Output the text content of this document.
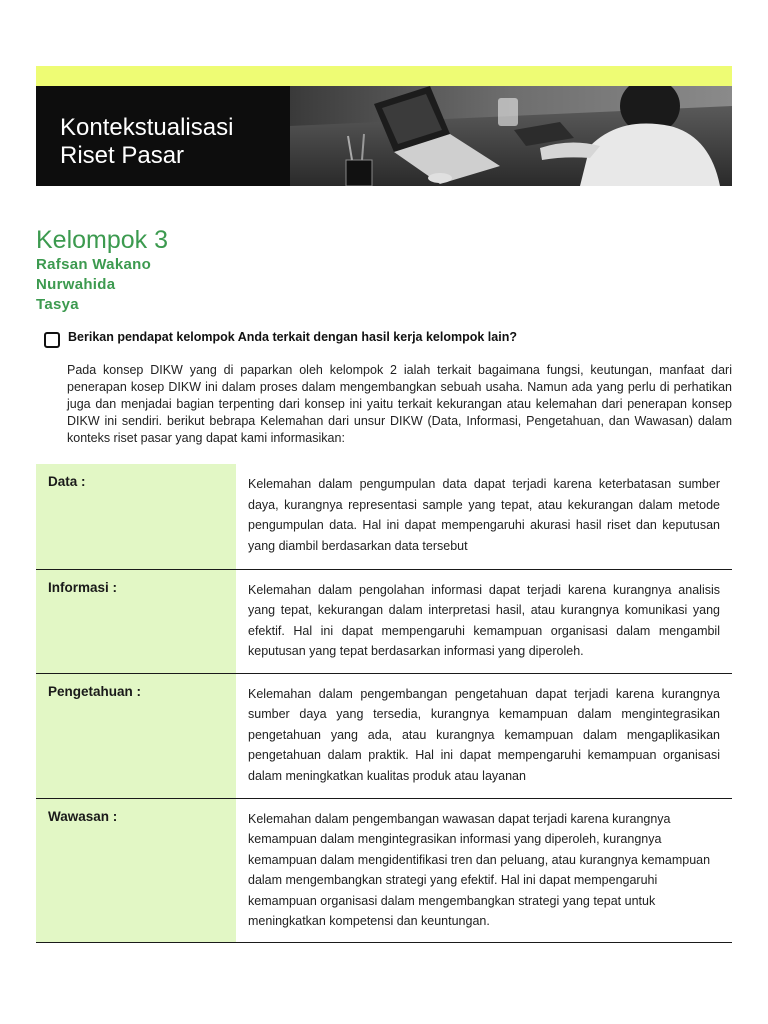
Kontekstualisasi
Riset Pasar
Kelompok 3
Rafsan Wakano
Nurwahida
Tasya
Berikan pendapat kelompok Anda terkait dengan hasil kerja kelompok lain?

Pada konsep DIKW yang di paparkan oleh kelompok 2 ialah terkait bagaimana fungsi, keutungan, manfaat dari penerapan kosep DIKW ini dalam proses dalam mengembangkan sebuah usaha. Namun ada yang perlu di perhatikan juga dan menjadai bagian terpenting dari konsep ini yaitu terkait kekurangan atau kelemahan dari penerapan konsep DIKW ini sendiri. berikut bebrapa Kelemahan dari unsur DIKW (Data, Informasi, Pengetahuan, dan Wawasan) dalam konteks riset pasar yang dapat kami informasikan:

Data :	Kelemahan dalam pengumpulan data dapat terjadi karena keterbatasan sumber daya, kurangnya representasi sample yang tepat, atau kekurangan dalam metode pengumpulan data. Hal ini dapat mempengaruhi akurasi hasil riset dan keputusan yang diambil berdasarkan data tersebut
Informasi :	Kelemahan dalam pengolahan informasi dapat terjadi karena kurangnya analisis yang tepat, kekurangan dalam interpretasi hasil, atau kurangnya komunikasi yang efektif. Hal ini dapat mempengaruhi kemampuan organisasi dalam mengambil keputusan yang tepat berdasarkan informasi yang diperoleh.
Pengetahuan :	Kelemahan dalam pengembangan pengetahuan dapat terjadi karena kurangnya sumber daya yang tersedia, kurangnya kemampuan dalam mengintegrasikan pengetahuan yang ada, atau kurangnya kemampuan dalam mengaplikasikan pengetahuan dalam praktik. Hal ini dapat mempengaruhi kemampuan organisasi dalam meningkatkan kualitas produk atau layanan
Wawasan :	Kelemahan dalam pengembangan wawasan dapat terjadi karena kurangnya kemampuan dalam mengintegrasikan informasi yang diperoleh, kurangnya kemampuan dalam mengidentifikasi tren dan peluang, atau kurangnya kemampuan dalam mengembangkan strategi yang efektif. Hal ini dapat mempengaruhi kemampuan organisasi dalam mengembangkan strategi yang tepat untuk meningkatkan kompetensi dan keuntungan.
